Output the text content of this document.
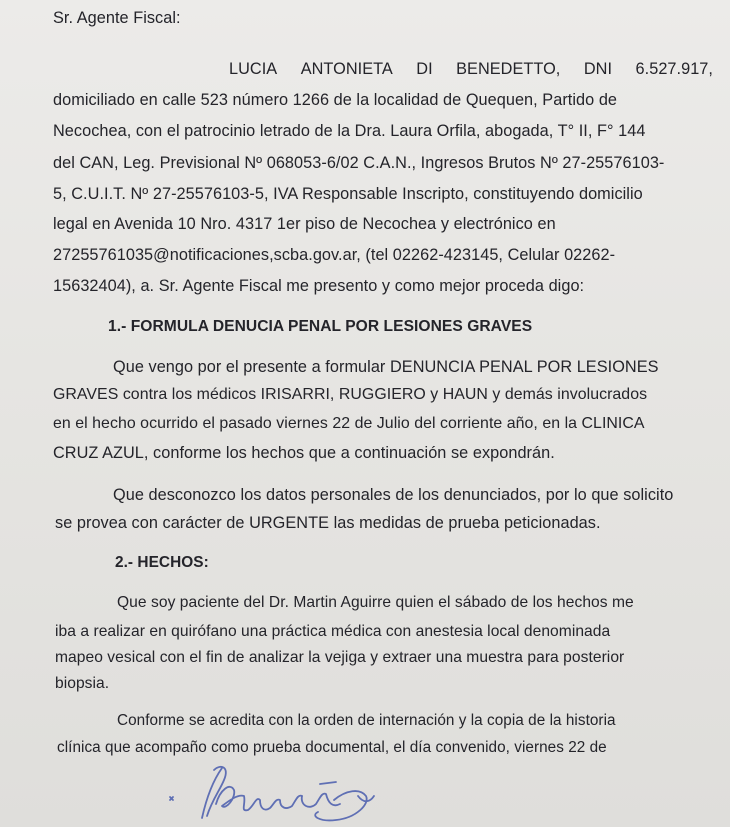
Sr. Agente Fiscal:
LUCIA ANTONIETA DI BENEDETTO, DNI 6.527.917,
domiciliado en calle 523 número 1266 de la localidad de Quequen, Partido de
Necochea, con el patrocinio letrado de la Dra. Laura Orfila, abogada, T° II, F° 144
del CAN, Leg. Previsional Nº 068053-6/02 C.A.N., Ingresos Brutos Nº 27-25576103-
5, C.U.I.T. Nº 27-25576103-5, IVA Responsable Inscripto, constituyendo domicilio
legal en Avenida 10 Nro. 4317 1er piso de Necochea y electrónico en
27255761035@notificaciones,scba.gov.ar, (tel 02262-423145, Celular 02262-
15632404), a. Sr. Agente Fiscal me presento y como mejor proceda digo:
1.- FORMULA DENUCIA PENAL POR LESIONES GRAVES
Que vengo por el presente a formular DENUNCIA PENAL POR LESIONES
GRAVES contra los médicos IRISARRI, RUGGIERO y HAUN y demás involucrados
en el hecho ocurrido el pasado viernes 22 de Julio del corriente año, en la CLINICA
CRUZ AZUL, conforme los hechos que a continuación se expondrán.
Que desconozco los datos personales de los denunciados, por lo que solicito
se provea con carácter de URGENTE las medidas de prueba peticionadas.
2.- HECHOS:
Que soy paciente del Dr. Martin Aguirre quien el sábado de los hechos me
iba a realizar en quirófano una práctica médica con anestesia local denominada
mapeo vesical con el fin de analizar la vejiga y extraer una muestra para posterior
biopsia.
Conforme se acredita con la orden de internación y la copia de la historia
clínica que acompaño como prueba documental, el día convenido, viernes 22 de
